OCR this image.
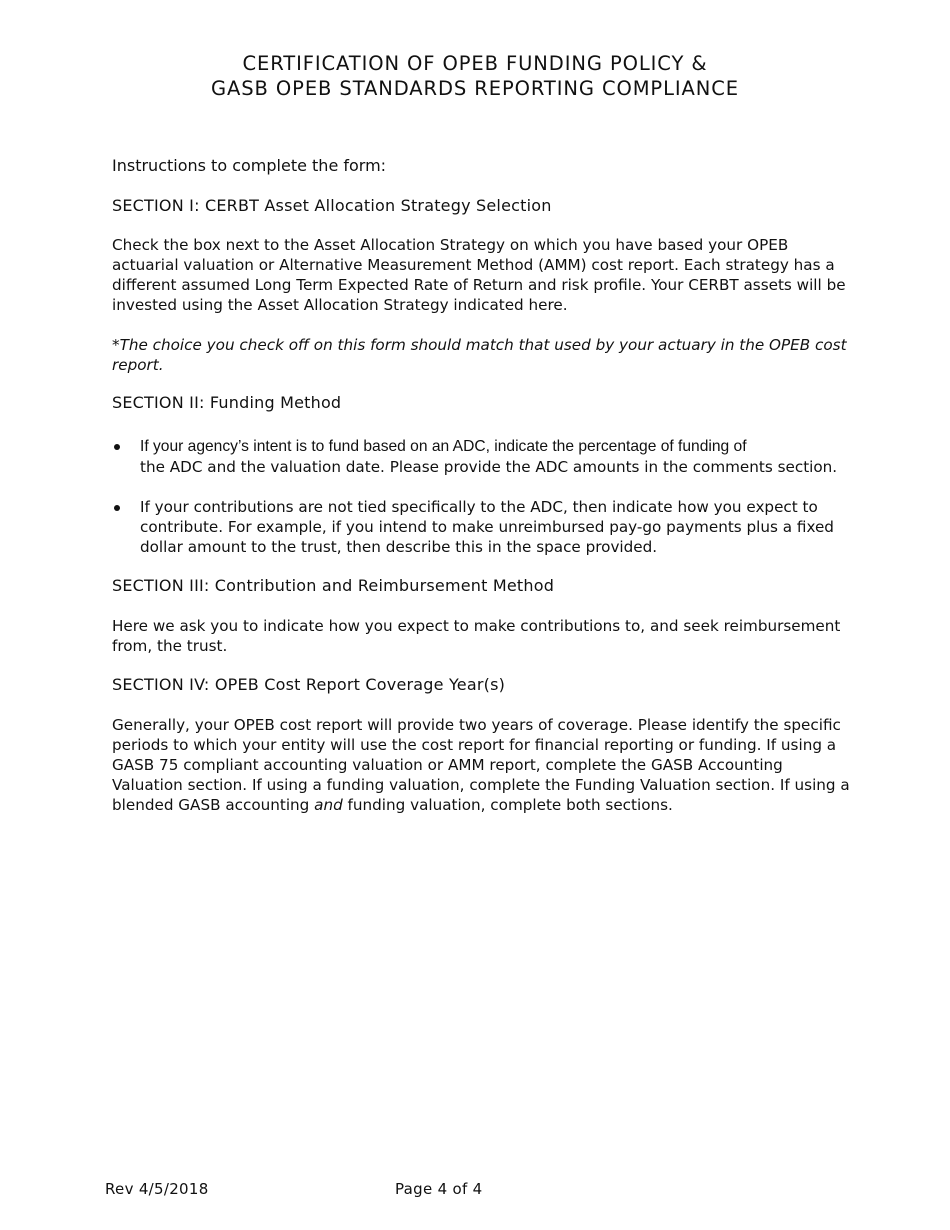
CERTIFICATION OF OPEB FUNDING POLICY &
GASB OPEB STANDARDS REPORTING COMPLIANCE

Instructions to complete the form:

SECTION I: CERBT Asset Allocation Strategy Selection

Check the box next to the Asset Allocation Strategy on which you have based your OPEB actuarial valuation or Alternative Measurement Method (AMM) cost report. Each strategy has a different assumed Long Term Expected Rate of Return and risk profile. Your CERBT assets will be invested using the Asset Allocation Strategy indicated here.

*The choice you check off on this form should match that used by your actuary in the OPEB cost report.

SECTION II: Funding Method
If your agency’s intent is to fund based on an ADC, indicate the percentage of funding of
the ADC and the valuation date. Please provide the ADC amounts in the comments section.
If your contributions are not tied specifically to the ADC, then indicate how you expect to contribute. For example, if you intend to make unreimbursed pay-go payments plus a fixed dollar amount to the trust, then describe this in the space provided.
SECTION III: Contribution and Reimbursement Method

Here we ask you to indicate how you expect to make contributions to, and seek reimbursement from, the trust.

SECTION IV: OPEB Cost Report Coverage Year(s)

Generally, your OPEB cost report will provide two years of coverage. Please identify the specific periods to which your entity will use the cost report for financial reporting or funding. If using a GASB 75 compliant accounting valuation or AMM report, complete the GASB Accounting Valuation section. If using a funding valuation, complete the Funding Valuation section. If using a blended GASB accounting and funding valuation, complete both sections.

Rev 4/5/2018	Page 4 of 4
